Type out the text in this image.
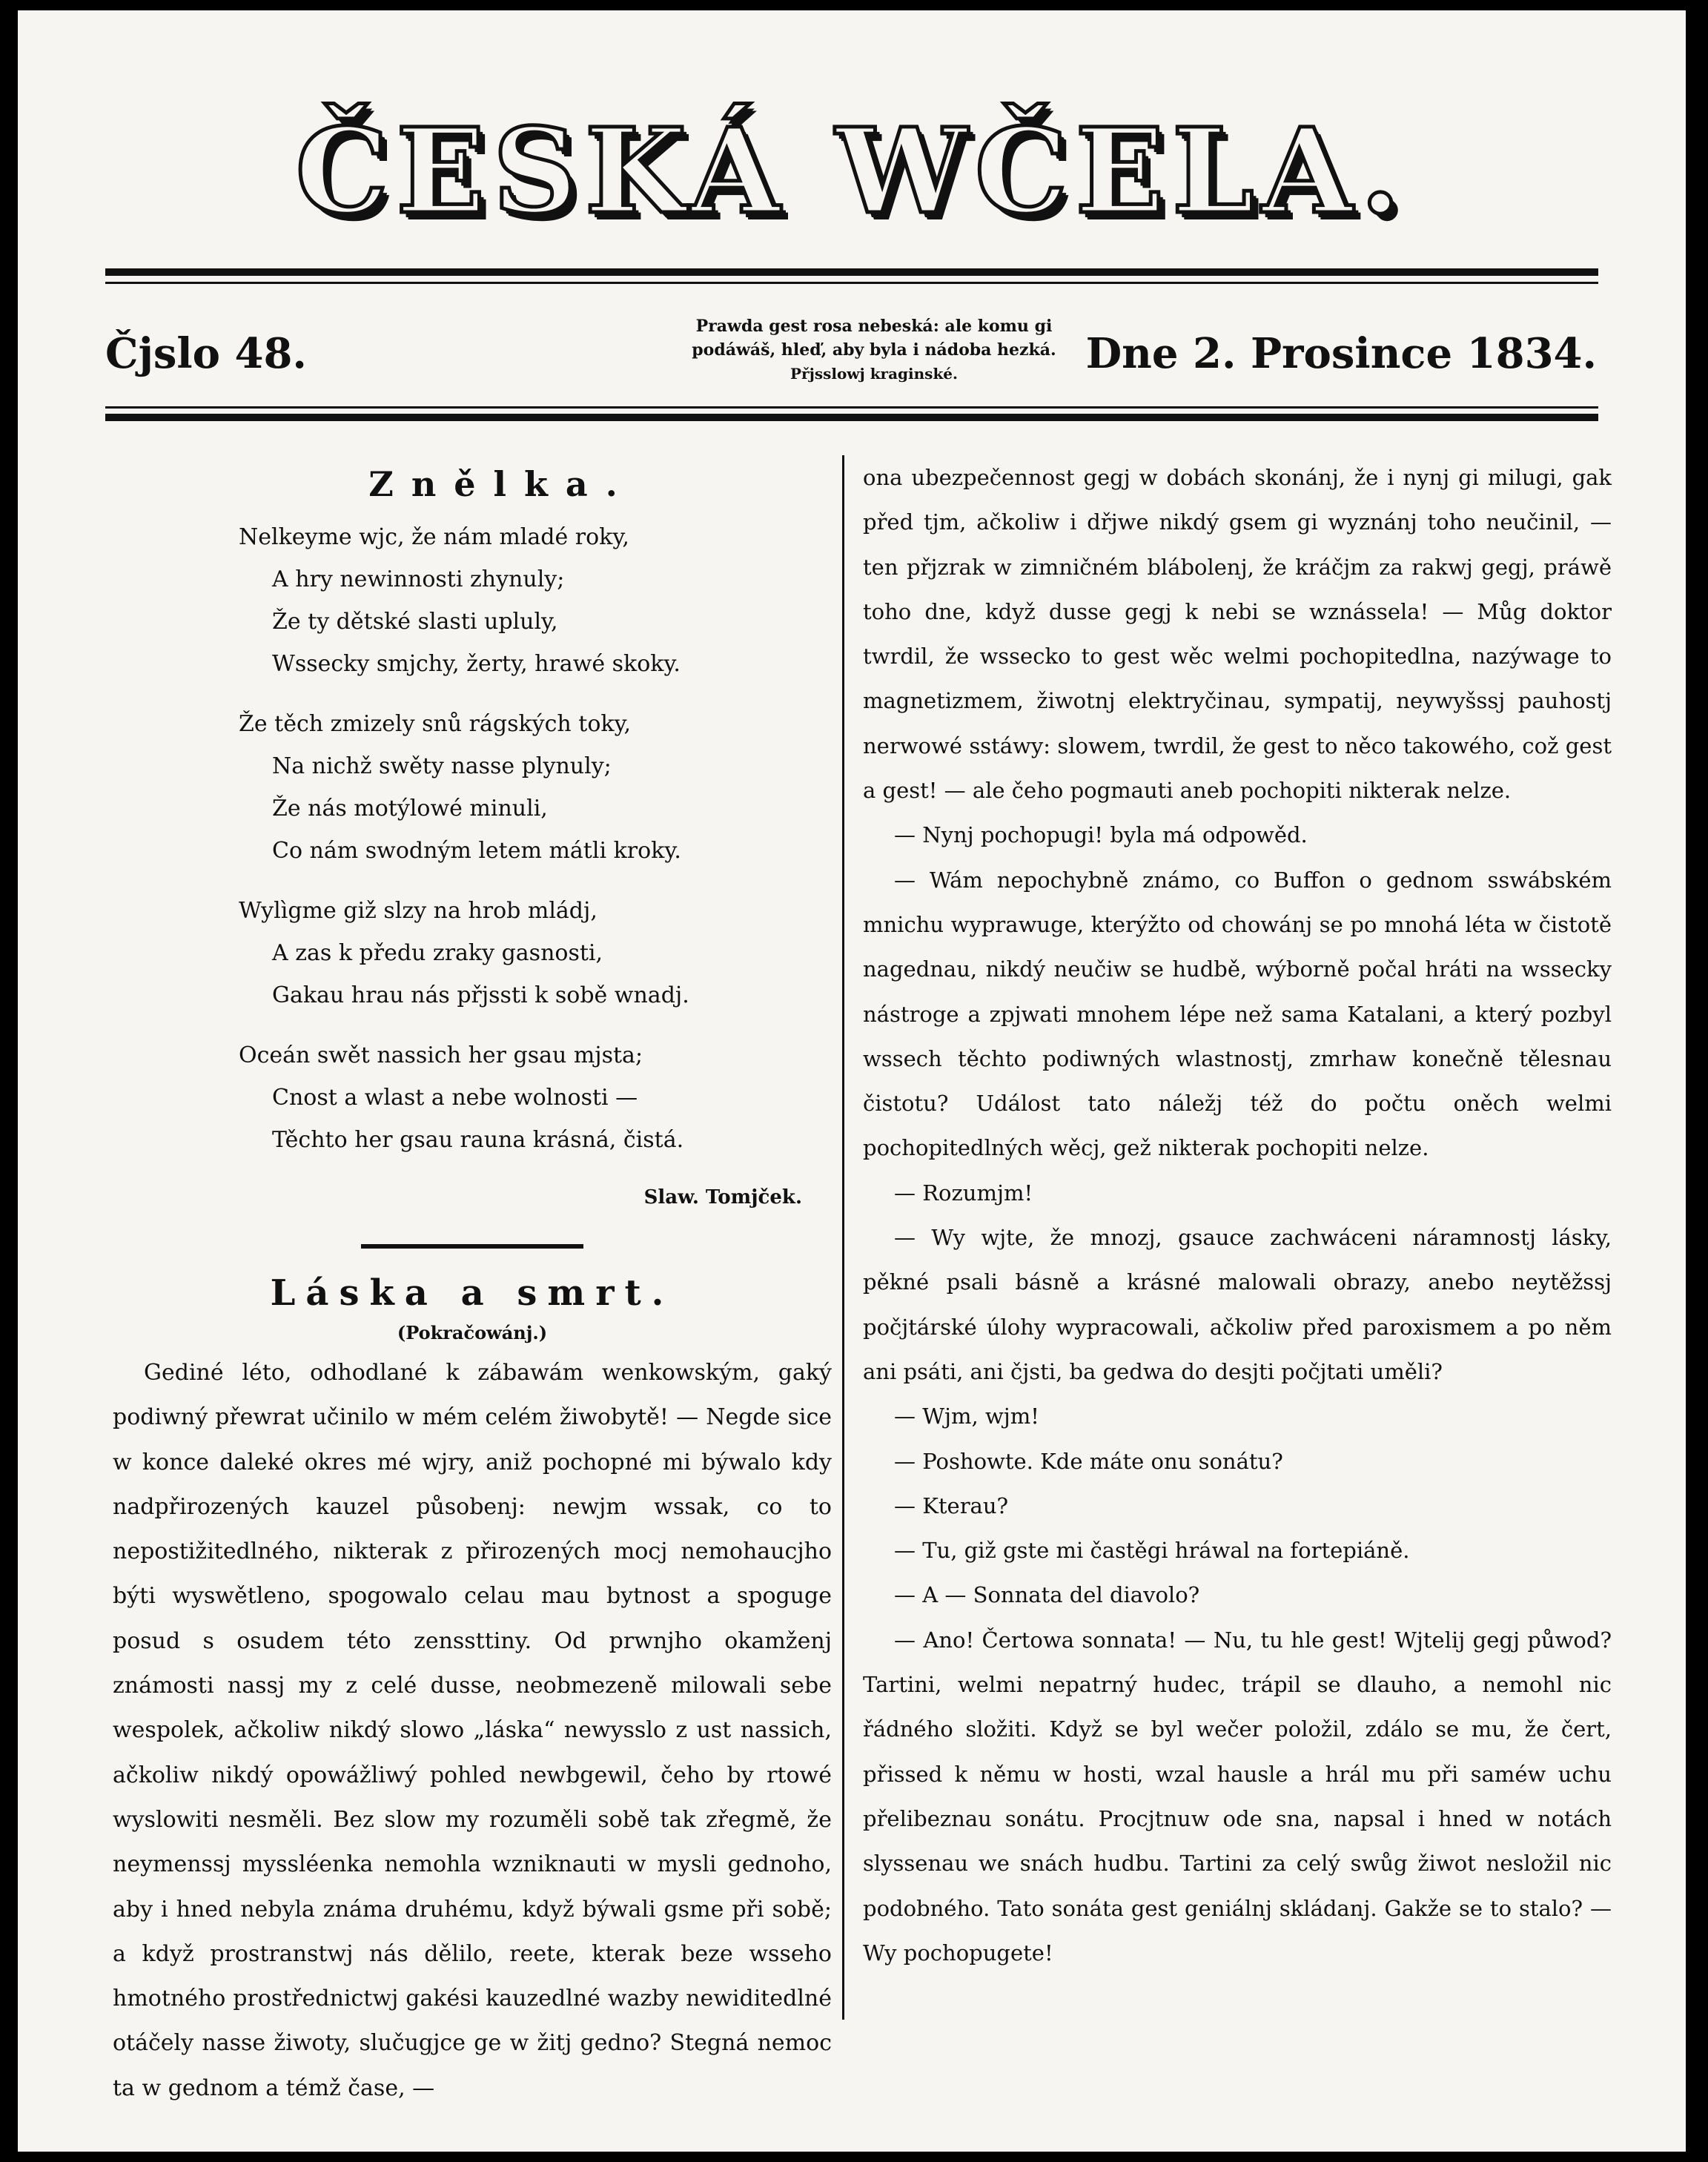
ČESKÁ WČELA.
Čjslo 48.
Prawda gest rosa nebeská: ale komu gi
podáwáš, hleď, aby byla i nádoba hezká.
Přjsslowj kraginské.	Dne 2. Prosince 1834.
Znělka.
Nelkeyme wjc, že nám mladé roky,
A hry newinnosti zhynuly;
Že ty dětské slasti upluly,
Wssecky smjchy, žerty, hrawé skoky.
Že těch zmizely snů rágských toky,
Na nichž swěty nasse plynuly;
Že nás motýlowé minuli,
Co nám swodným letem mátli kroky.
Wylìgme giž slzy na hrob mládj,
A zas k předu zraky gasnosti,
Gakau hrau nás přjssti k sobě wnadj.
Oceán swět nassich her gsau mjsta;
Cnost a wlast a nebe wolnosti —
Těchto her gsau rauna krásná, čistá.
Slaw. Tomjček.
Láska a smrt.
(Pokračowánj.)

Gediné léto, odhodlané k zábawám wenkowským, gaký podiwný přewrat učinilo w mém celém žiwobytě! — Negde sice w konce daleké okres mé wjry, aniž pochopné mi býwalo kdy nadpřirozených kauzel působenj: newjm wssak, co to nepostižitedlného, nikterak z přirozených mocj nemohaucjho býti wyswětleno, spogowalo celau mau bytnost a spoguge posud s osudem této zenssttiny. Od prwnjho okamženj známosti nassj my z celé dusse, neobmezeně milowali sebe wespolek, ačkoliw nikdý slowo „láska“ newysslo z ust nassich, ačkoliw nikdý opowážliwý pohled newbgewil, čeho by rtowé wyslowiti nesměli. Bez slow my rozuměli sobě tak zřegmě, že neymenssj myssléenka nemohla wzniknauti w mysli gednoho, aby i hned nebyla známa druhému, když býwali gsme při sobě; a když prostranstwj nás dělilo, reete, kterak beze wsseho hmotného prostřednictwj gakési kauzedlné wazby newiditedlné otáčely nasse žiwoty, slučugjce ge w žitj gedno? Stegná nemoc ta w gednom a témž čase, —

ona ubezpečennost gegj w dobách skonánj, že i nynj gi milugi, gak před tjm, ačkoliw i dřjwe nikdý gsem gi wyznánj toho neučinil, — ten přjzrak w zimničném blábolenj, že kráčjm za rakwj gegj, práwě toho dne, když dusse gegj k nebi se wznássela! — Můg doktor twrdil, že wssecko to gest wěc welmi pochopitedlna, nazýwage to magnetizmem, žiwotnj elektryčinau, sympatij, neywyšssj pauhostj nerwowé sstáwy: slowem, twrdil, že gest to něco takowého, což gest a gest! — ale čeho pogmauti aneb pochopiti nikterak nelze.

— Nynj pochopugi! byla má odpowěd.

— Wám nepochybně známo, co Buffon o gednom sswábském mnichu wyprawuge, kterýžto od chowánj se po mnohá léta w čistotě nagednau, nikdý neučiw se hudbě, wýborně počal hráti na wssecky nástroge a zpjwati mnohem lépe než sama Katalani, a který pozbyl wssech těchto podiwných wlastnostj, zmrhaw konečně tělesnau čistotu? Událost tato náležj též do počtu oněch welmi pochopitedlných wěcj, gež nikterak pochopiti nelze.

— Rozumjm!

— Wy wjte, že mnozj, gsauce zachwáceni náramnostj lásky, pěkné psali básně a krásné malowali obrazy, anebo neytěžssj počjtárské úlohy wypracowali, ačkoliw před paroxismem a po něm ani psáti, ani čjsti, ba gedwa do desjti počjtati uměli?

— Wjm, wjm!

— Poshowte. Kde máte onu sonátu?

— Kterau?

— Tu, giž gste mi častěgi hráwal na fortepiáně.

— A — Sonnata del diavolo?

— Ano! Čertowa sonnata! — Nu, tu hle gest! Wjtelij gegj půwod? Tartini, welmi nepatrný hudec, trápil se dlauho, a nemohl nic řádného složiti. Když se byl wečer položil, zdálo se mu, že čert, přissed k němu w hosti, wzal hausle a hrál mu při saméw uchu přelibeznau sonátu. Procjtnuw ode sna, napsal i hned w notách slyssenau we snách hudbu. Tartini za celý swůg žiwot nesložil nic podobného. Tato sonáta gest geniálnj skládanj. Gakže se to stalo? — Wy pochopugete!
